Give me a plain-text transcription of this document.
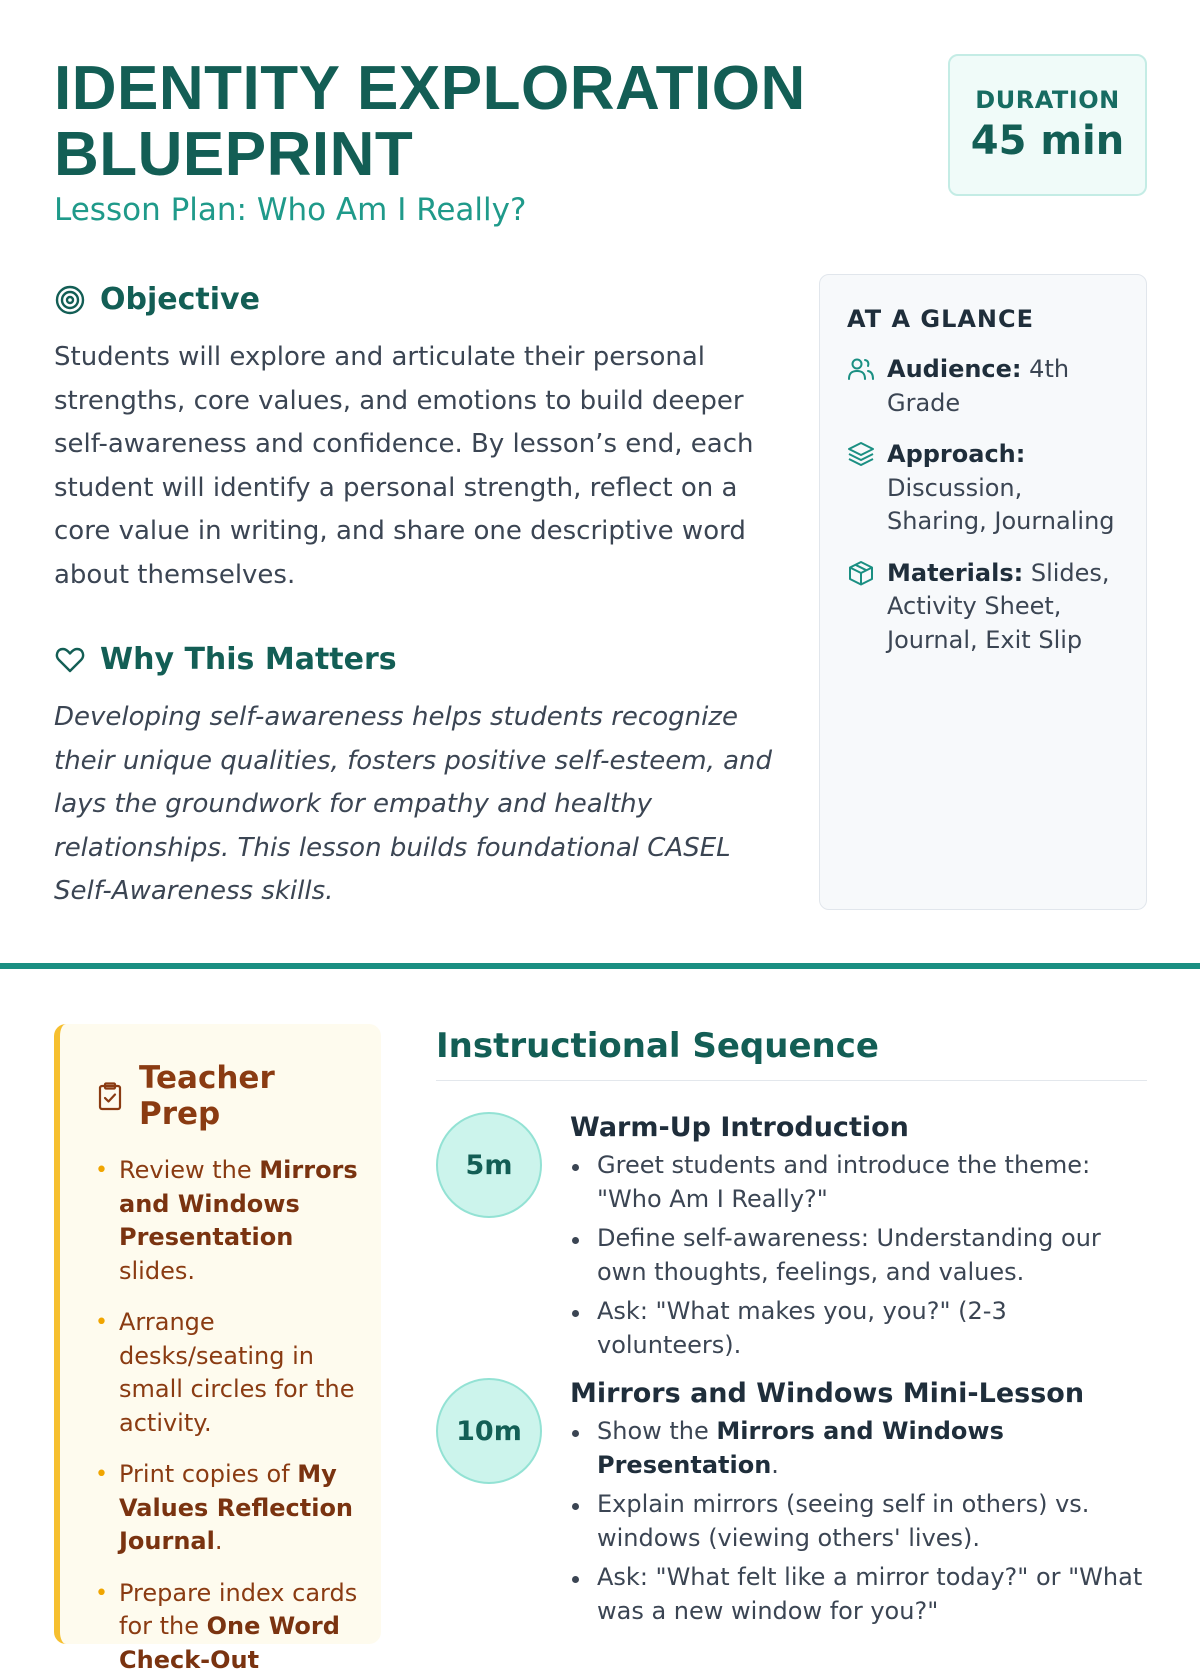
IDENTITY EXPLORATION
BLUEPRINT
Lesson Plan: Who Am I Really?
DURATION
45 min
Objective
Students will explore and articulate their personal strengths, core values, and emotions to build deeper self-awareness and confidence. By lesson’s end, each student will identify a personal strength, reflect on a core value in writing, and share one descriptive word about themselves.
Why This Matters
Developing self-awareness helps students recognize their unique qualities, fosters positive self-esteem, and lays the groundwork for empathy and healthy relationships. This lesson builds foundational CASEL Self-Awareness skills.
AT A GLANCE
Audience: 4th Grade
Approach: Discussion, Sharing, Journaling
Materials: Slides, Activity Sheet, Journal, Exit Slip
Teacher Prep
• Review the Mirrors and Windows Presentation slides.
• Arrange desks/seating in small circles for the activity.
• Print copies of My Values Reflection Journal.
• Prepare index cards for the One Word Check-Out
Instructional Sequence
5m
Warm-Up Introduction
Greet students and introduce the theme: "Who Am I Really?"
Define self-awareness: Understanding our own thoughts, feelings, and values.
Ask: "What makes you, you?" (2-3 volunteers).
10m
Mirrors and Windows Mini-Lesson
Show the Mirrors and Windows Presentation.
Explain mirrors (seeing self in others) vs. windows (viewing others' lives).
Ask: "What felt like a mirror today?" or "What was a new window for you?"
